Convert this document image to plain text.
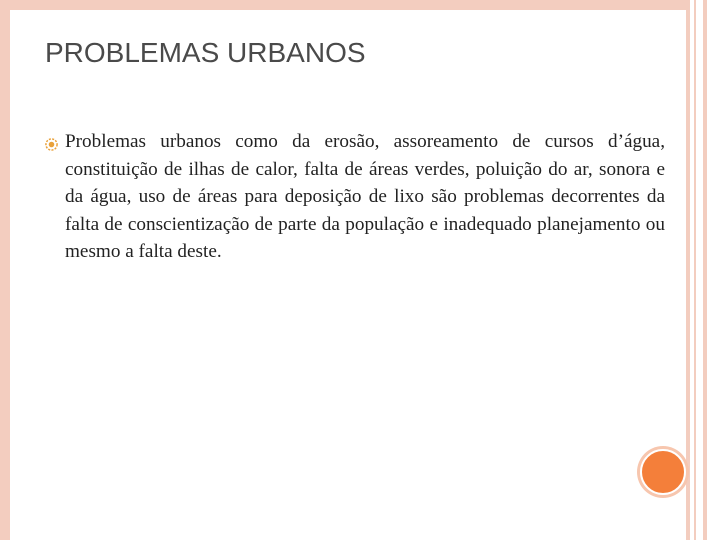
PROBLEMAS URBANOS
Problemas urbanos como da erosão, assoreamento de cursos d’água, constituição de ilhas de calor, falta de áreas verdes, poluição do ar, sonora e da água, uso de áreas para deposição de lixo são problemas decorrentes da falta de conscientização de parte da população e inadequado planejamento ou mesmo a falta deste.
